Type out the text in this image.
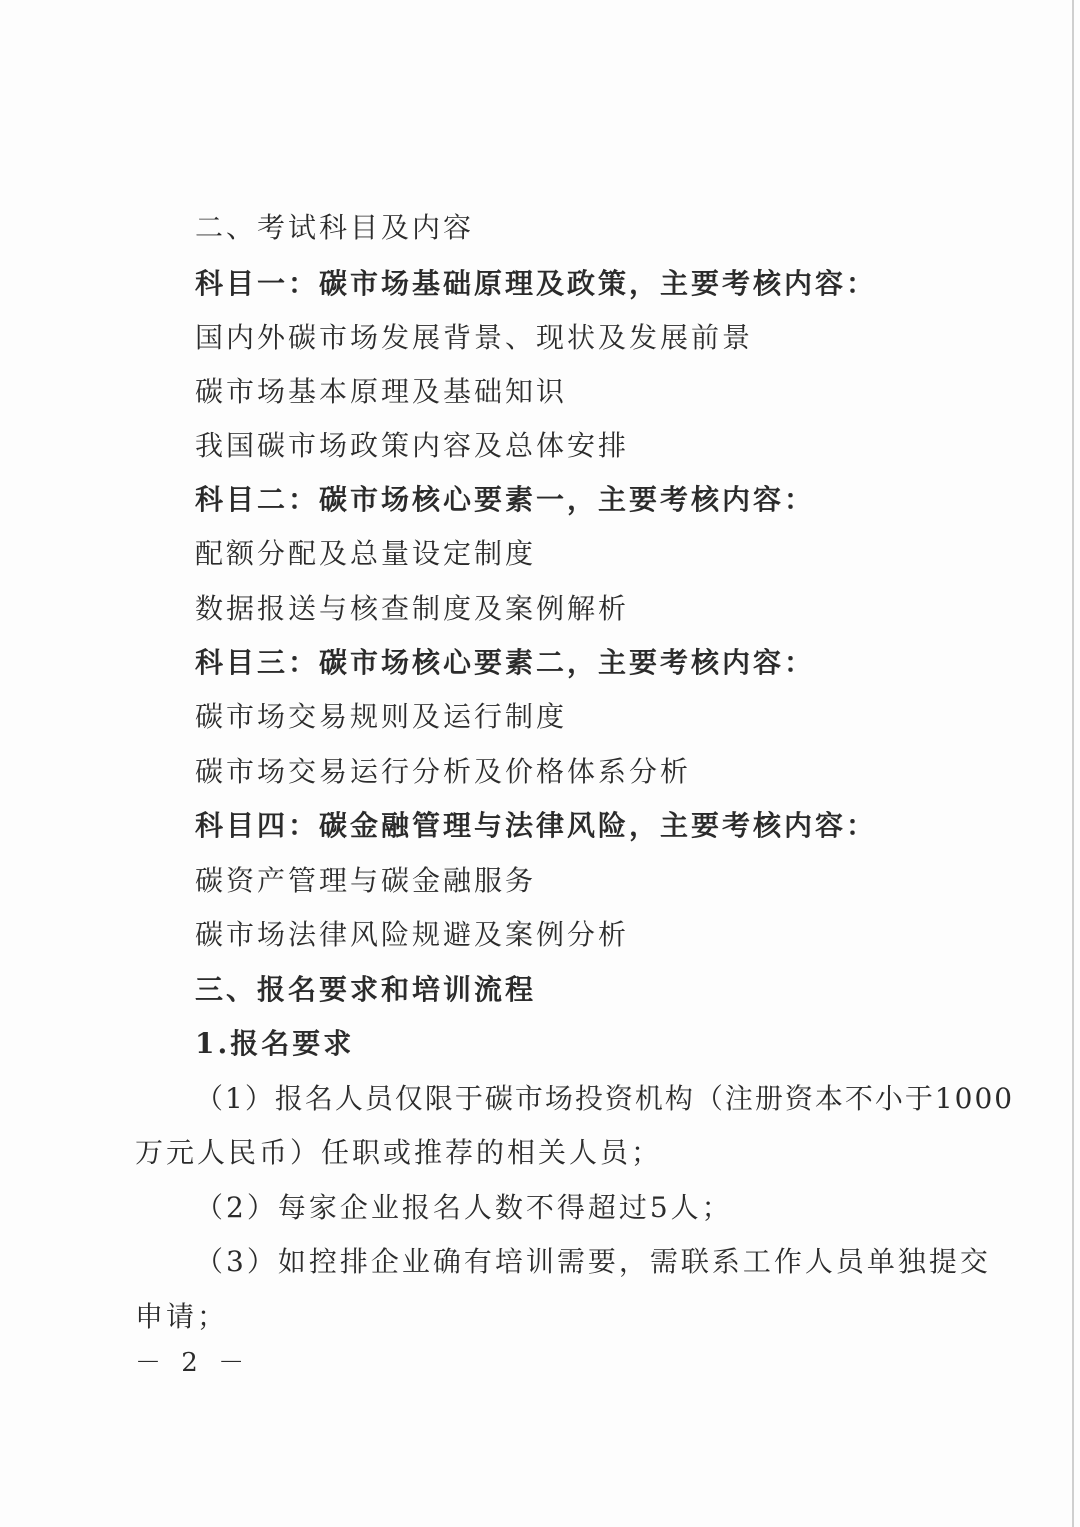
二、考试科目及内容
科目一：碳市场基础原理及政策，主要考核内容：
国内外碳市场发展背景、现状及发展前景
碳市场基本原理及基础知识
我国碳市场政策内容及总体安排
科目二：碳市场核心要素一，主要考核内容：
配额分配及总量设定制度
数据报送与核查制度及案例解析
科目三：碳市场核心要素二，主要考核内容：
碳市场交易规则及运行制度
碳市场交易运行分析及价格体系分析
科目四：碳金融管理与法律风险，主要考核内容：
碳资产管理与碳金融服务
碳市场法律风险规避及案例分析
三、报名要求和培训流程
1.报名要求
（1）报名人员仅限于碳市场投资机构（注册资本不小于1000
万元人民币）任职或推荐的相关人员；
（2）每家企业报名人数不得超过5人；
（3）如控排企业确有培训需要，需联系工作人员单独提交
申请；
－ 2 －
